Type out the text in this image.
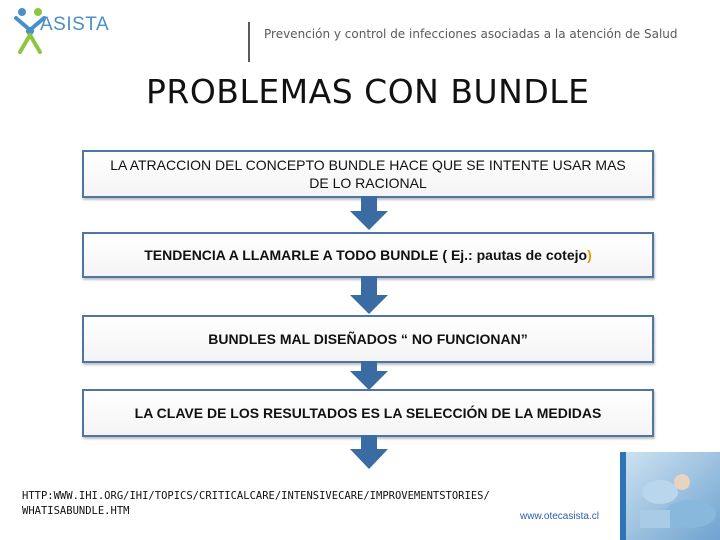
ASISTA	Prevención y control de infecciones asociadas a la atención de Salud
PROBLEMAS CON BUNDLE
LA ATRACCION DEL CONCEPTO BUNDLE HACE QUE SE INTENTE USAR MAS
DE LO RACIONAL
TENDENCIA A LLAMARLE A TODO BUNDLE ( Ej.: pautas de cotejo )
BUNDLES MAL DISEÑADOS “ NO FUNCIONAN”
LA CLAVE DE LOS RESULTADOS ES LA SELECCIÓN DE LA MEDIDAS
HTTP:WWW.IHI.ORG/IHI/TOPICS/CRITICALCARE/INTENSIVECARE/IMPROVEMENTSTORIES/
WHATISABUNDLE.HTM	www.otecasista.cl
